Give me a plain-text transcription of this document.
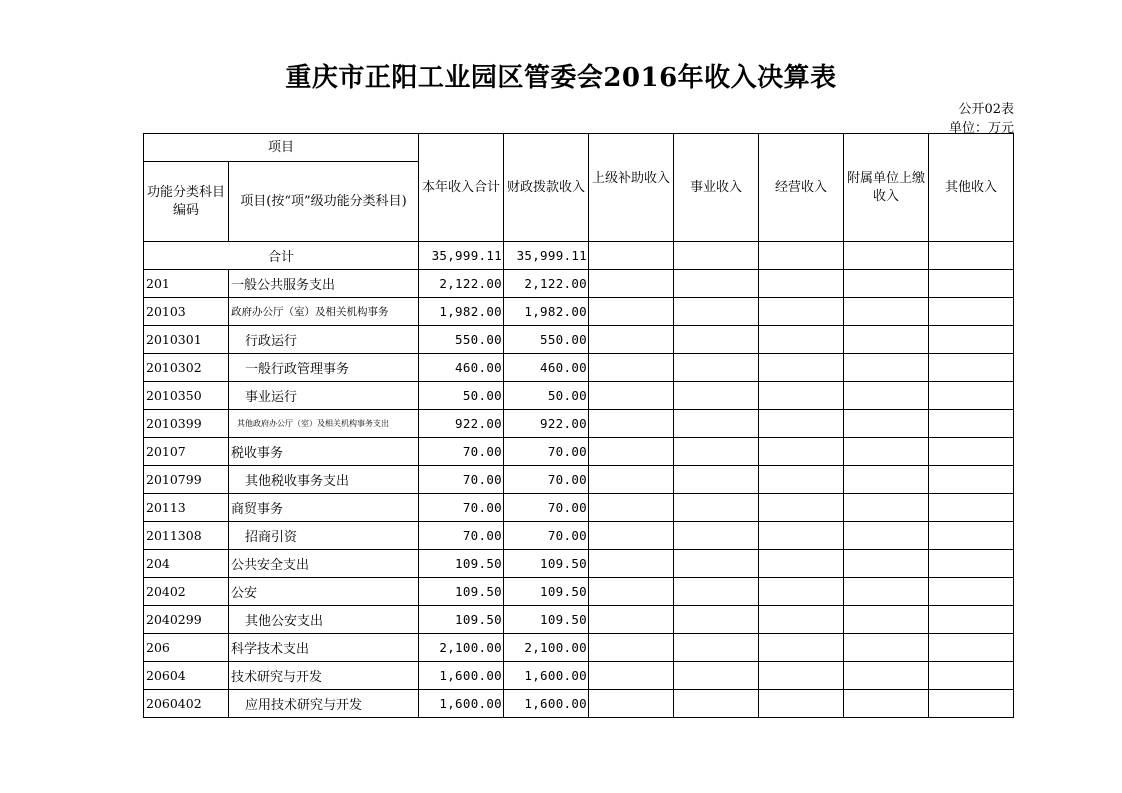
重庆市正阳工业园区管委会2016年收入决算表
公开02表
单位：万元
项目		本年收入合计	财政拨款收入	上级补助收入	事业收入	经营收入	附属单位上缴收入	其他收入
功能分类科目编码	项目(按“项”级功能分类科目)							
合计		35,999.11	35,999.11					
201	一般公共服务支出	2,122.00	2,122.00					
20103	政府办公厅（室）及相关机构事务	1,982.00	1,982.00					
2010301	行政运行	550.00	550.00					
2010302	一般行政管理事务	460.00	460.00					
2010350	事业运行	50.00	50.00					
2010399	其他政府办公厅（室）及相关机构事务支出	922.00	922.00					
20107	税收事务	70.00	70.00					
2010799	其他税收事务支出	70.00	70.00					
20113	商贸事务	70.00	70.00					
2011308	招商引资	70.00	70.00					
204	公共安全支出	109.50	109.50					
20402	公安	109.50	109.50					
2040299	其他公安支出	109.50	109.50					
206	科学技术支出	2,100.00	2,100.00					
20604	技术研究与开发	1,600.00	1,600.00					
2060402	应用技术研究与开发	1,600.00	1,600.00					
